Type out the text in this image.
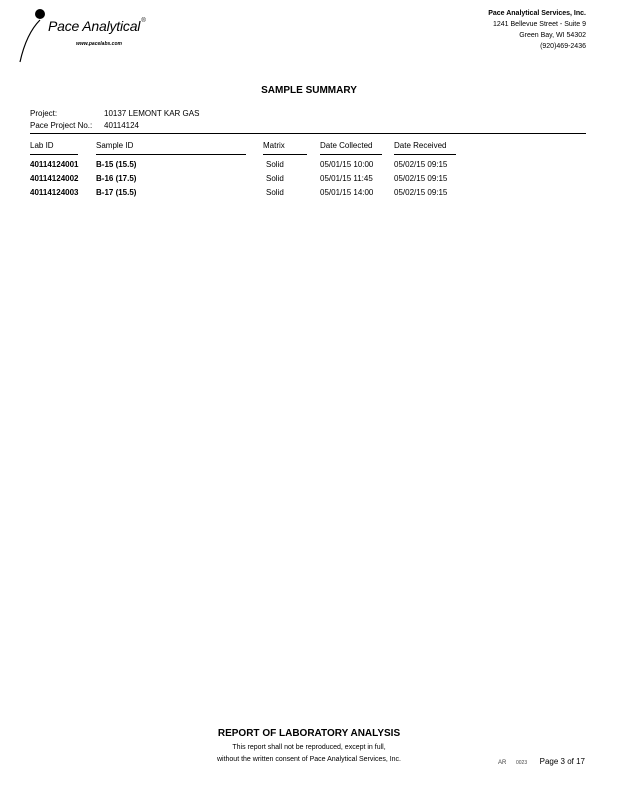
Pace Analytical®
www.pacelabs.com
Pace Analytical Services, Inc.
1241 Bellevue Street - Suite 9
Green Bay, WI 54302
(920)469-2436
SAMPLE SUMMARY
Project:	10137 LEMONT KAR GAS
Pace Project No.:	40114124
Lab ID	Sample ID	Matrix	Date Collected	Date Received
40114124001 B-15 (15.5)	Solid	05/01/15 10:00	05/02/15 09:15
40114124002 B-16 (17.5)	Solid	05/01/15 11:45	05/02/15 09:15
40114124003 B-17 (15.5)	Solid	05/01/15 14:00	05/02/15 09:15
REPORT OF LABORATORY ANALYSIS
This report shall not be reproduced, except in full,
without the written consent of Pace Analytical Services, Inc.	AR 0023 Page 3 of 17
